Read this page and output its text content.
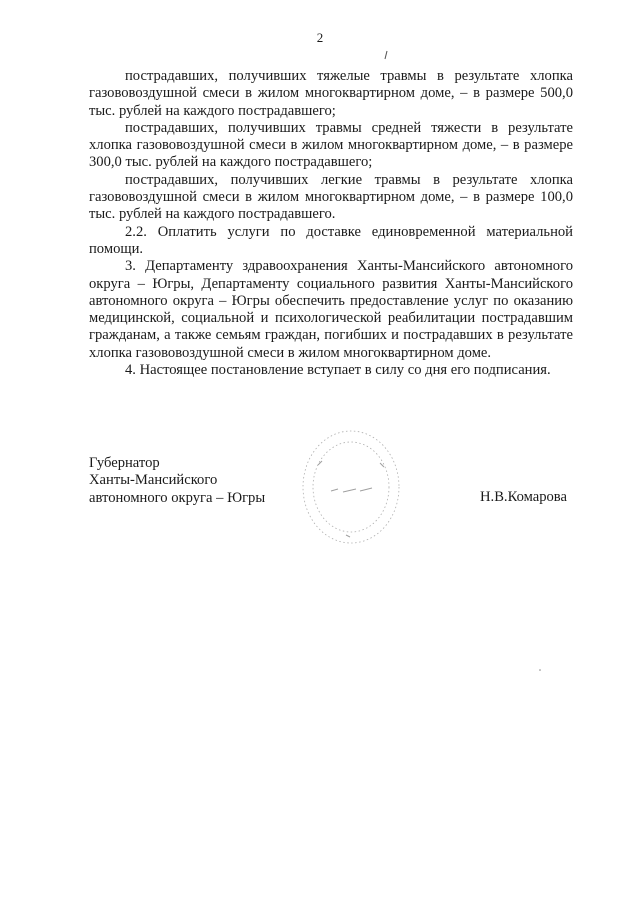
2

пострадавших, получивших тяжелые травмы в результате хлопка газововоздушной смеси в жилом многоквартирном доме, – в размере 500,0 тыс. рублей на каждого пострадавшего;

пострадавших, получивших травмы средней тяжести в результате хлопка газововоздушной смеси в жилом многоквартирном доме, – в размере 300,0 тыс. рублей на каждого пострадавшего;

пострадавших, получивших легкие травмы в результате хлопка газововоздушной смеси в жилом многоквартирном доме, – в размере 100,0 тыс. рублей на каждого пострадавшего.

2.2. Оплатить услуги по доставке единовременной материальной помощи.

3. Департаменту здравоохранения Ханты-Мансийского автономного округа – Югры, Департаменту социального развития Ханты-Мансийского автономного округа – Югры обеспечить предоставление услуг по оказанию медицинской, социальной и психологической реабилитации пострадавшим гражданам, а также семьям граждан, погибших и пострадавших в результате хлопка газововоздушной смеси в жилом многоквартирном доме.

4. Настоящее постановление вступает в силу со дня его подписания.

Губернатор
Ханты-Мансийского
автономного округа – Югры	Н.В.Комарова
